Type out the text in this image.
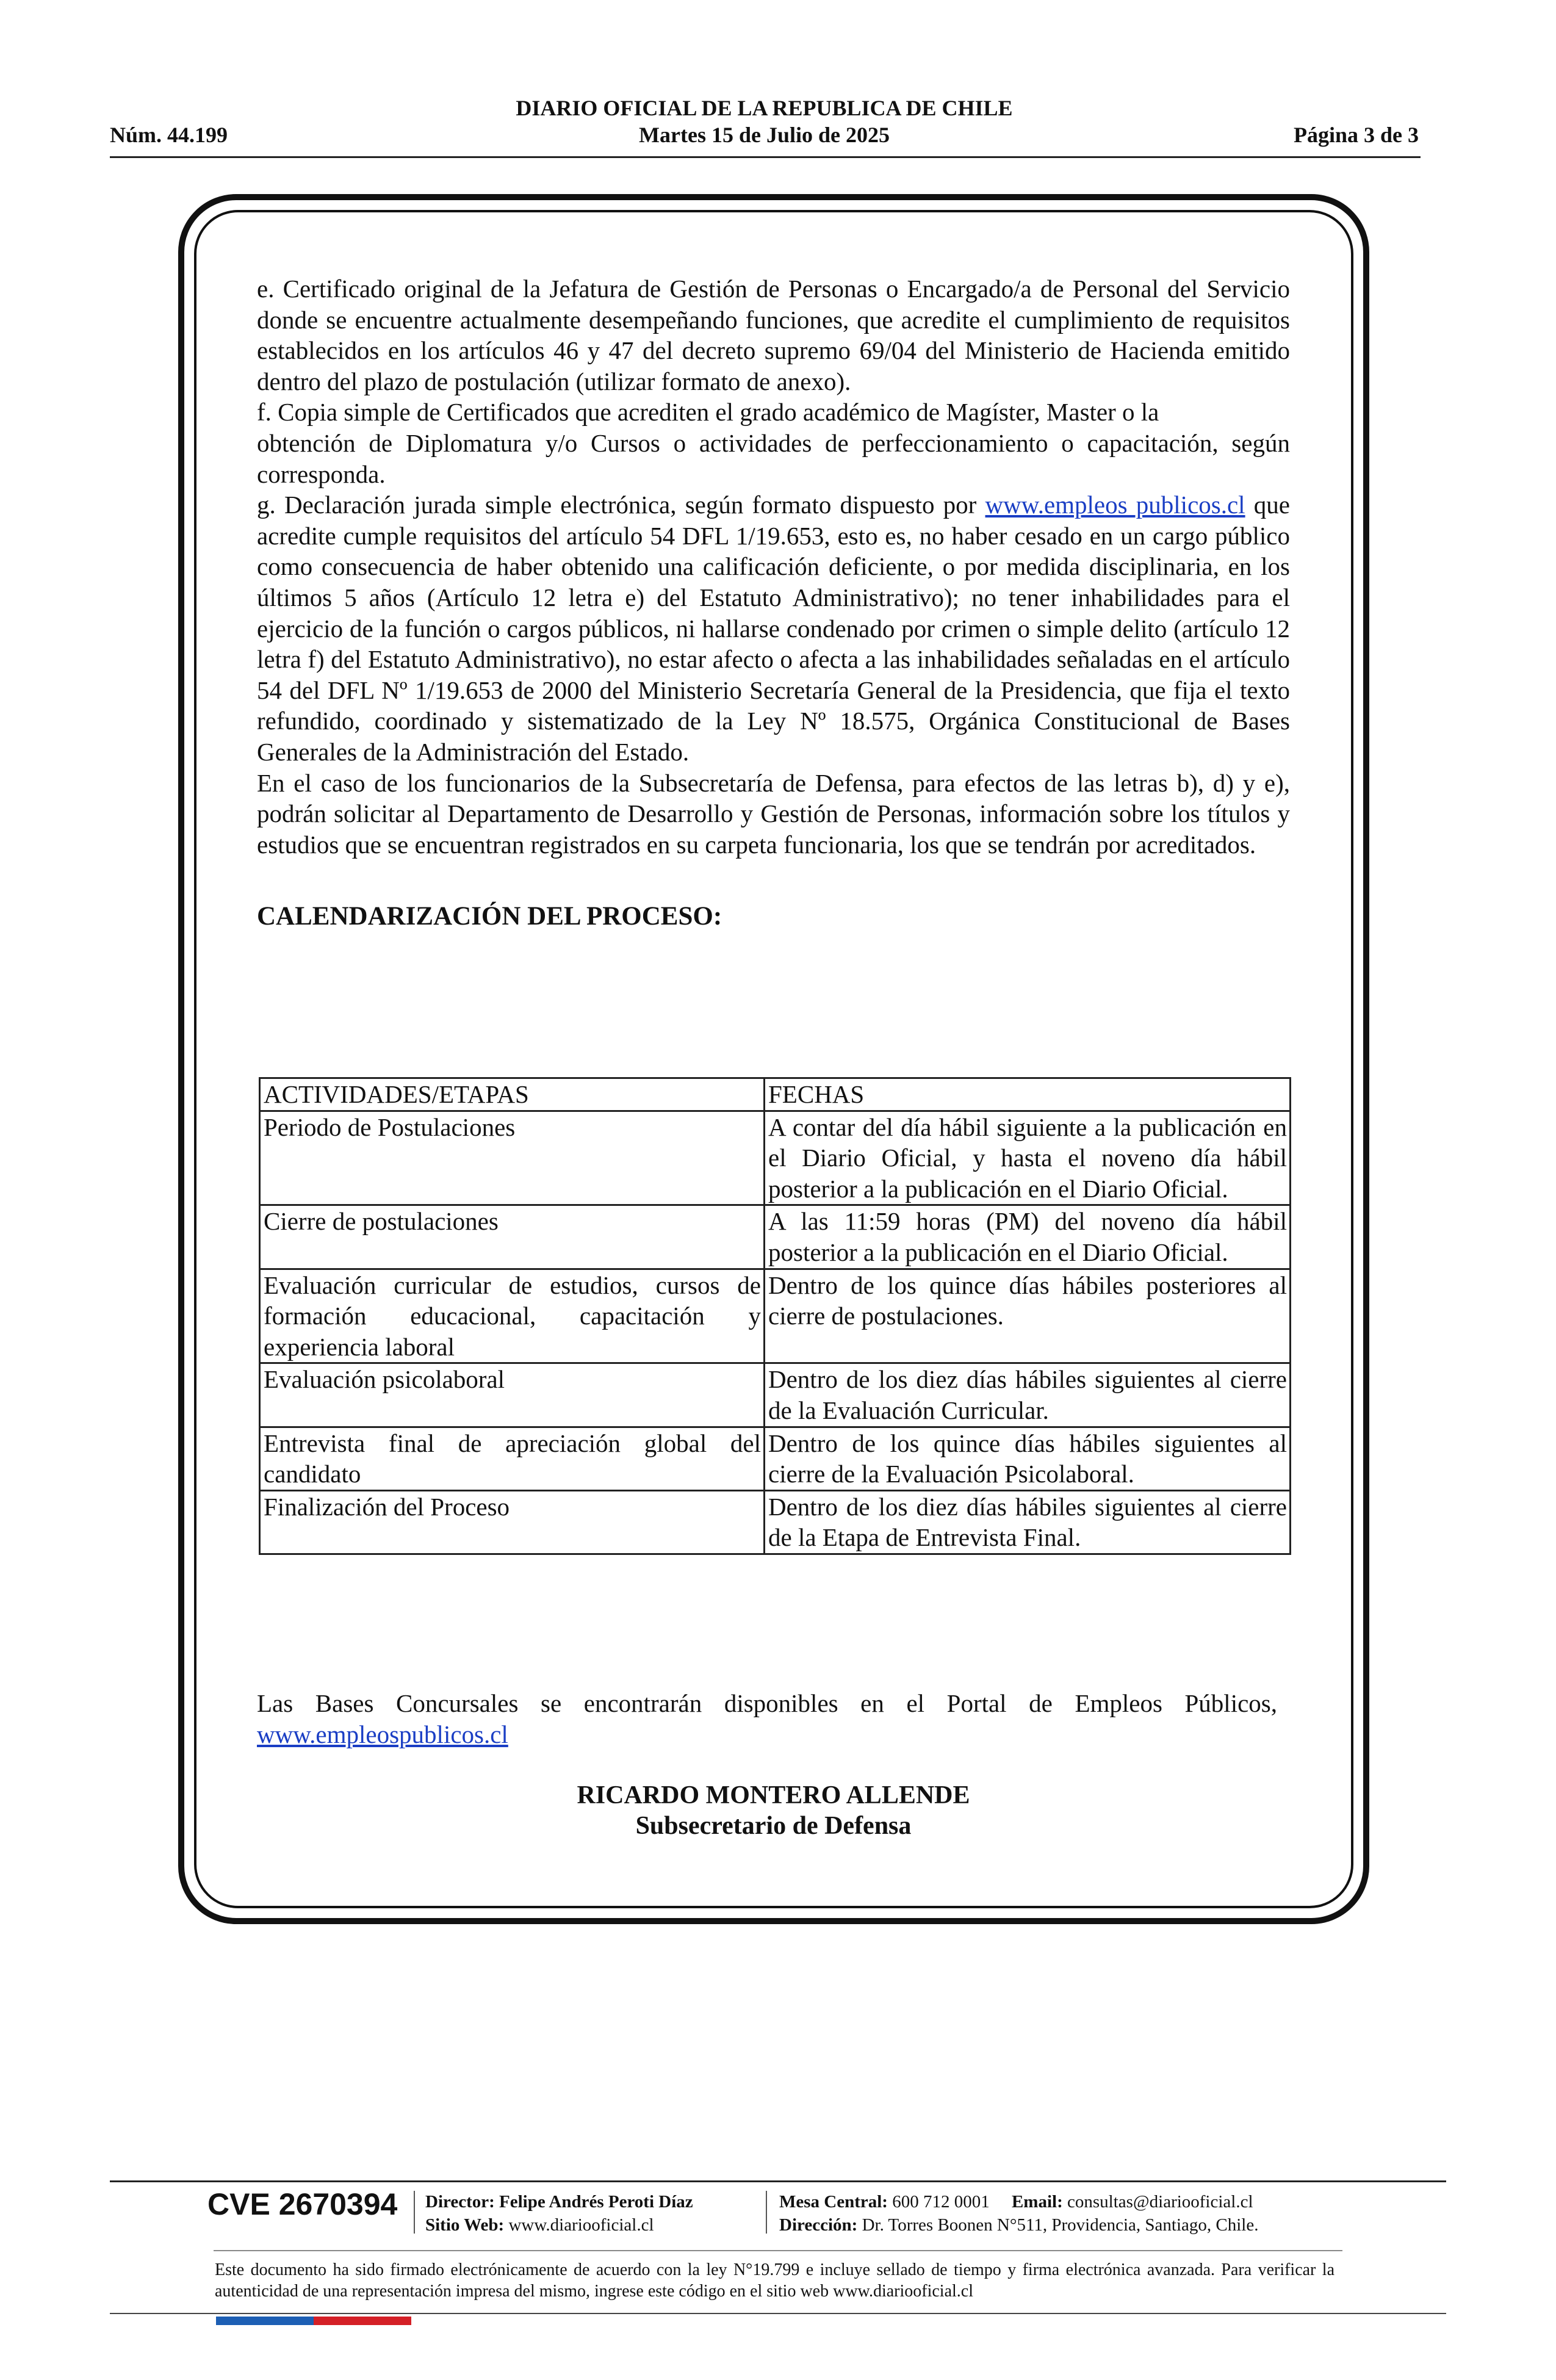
DIARIO OFICIAL DE LA REPUBLICA DE CHILE
Núm. 44.199	Martes 15 de Julio de 2025	Página 3 de 3

e. Certificado original de la Jefatura de Gestión de Personas o Encargado/a de Personal del Servicio donde se encuentre actualmente desempeñando funciones, que acredite el cumplimiento de requisitos establecidos en los artículos 46 y 47 del decreto supremo 69/04 del Ministerio de Hacienda emitido dentro del plazo de postulación (utilizar formato de anexo).

f. Copia simple de Certificados que acrediten el grado académico de Magíster, Master o la

obtención de Diplomatura y/o Cursos o actividades de perfeccionamiento o capacitación, según corresponda.

g. Declaración jurada simple electrónica, según formato dispuesto por www.empleos publicos.cl que acredite cumple requisitos del artículo 54 DFL 1/19.653, esto es, no haber cesado en un cargo público como consecuencia de haber obtenido una calificación deficiente, o por medida disciplinaria, en los últimos 5 años (Artículo 12 letra e) del Estatuto Administrativo); no tener inhabilidades para el ejercicio de la función o cargos públicos, ni hallarse condenado por crimen o simple delito (artículo 12 letra f) del Estatuto Administrativo), no estar afecto o afecta a las inhabilidades señaladas en el artículo 54 del DFL Nº 1/19.653 de 2000 del Ministerio Secretaría General de la Presidencia, que fija el texto refundido, coordinado y sistematizado de la Ley Nº 18.575, Orgánica Constitucional de Bases Generales de la Administración del Estado.

En el caso de los funcionarios de la Subsecretaría de Defensa, para efectos de las letras b), d) y e), podrán solicitar al Departamento de Desarrollo y Gestión de Personas, información sobre los títulos y estudios que se encuentran registrados en su carpeta funcionaria, los que se tendrán por acreditados.

CALENDARIZACIÓN DEL PROCESO:

ACTIVIDADES/ETAPAS	FECHAS
Periodo de Postulaciones	A contar del día hábil siguiente a la publicación en el Diario Oficial, y hasta el noveno día hábil posterior a la publicación en el Diario Oficial.
Cierre de postulaciones	A las 11:59 horas (PM) del noveno día hábil posterior a la publicación en el Diario Oficial.
Evaluación curricular de estudios, cursos de formación educacional, capacitación y experiencia laboral	Dentro de los quince días hábiles posteriores al cierre de postulaciones.
Evaluación psicolaboral	Dentro de los diez días hábiles siguientes al cierre de la Evaluación Curricular.
Entrevista final de apreciación global del candidato	Dentro de los quince días hábiles siguientes al cierre de la Evaluación Psicolaboral.
Finalización del Proceso	Dentro de los diez días hábiles siguientes al cierre de la Etapa de Entrevista Final.
Las Bases Concursales se encontrarán disponibles en el Portal de Empleos Públicos, www.empleospublicos.cl
RICARDO MONTERO ALLENDE
Subsecretario de Defensa
CVE 2670394 Director: Felipe Andrés Peroti Díaz
Sitio Web: www.diariooficial.cl
Mesa Central: 600 712 0001 Email: consultas@diariooficial.cl
Dirección: Dr. Torres Boonen N°511, Providencia, Santiago, Chile.
Este documento ha sido firmado electrónicamente de acuerdo con la ley N°19.799 e incluye sellado de tiempo y firma electrónica avanzada. Para verificar la autenticidad de una representación impresa del mismo, ingrese este código en el sitio web www.diariooficial.cl
